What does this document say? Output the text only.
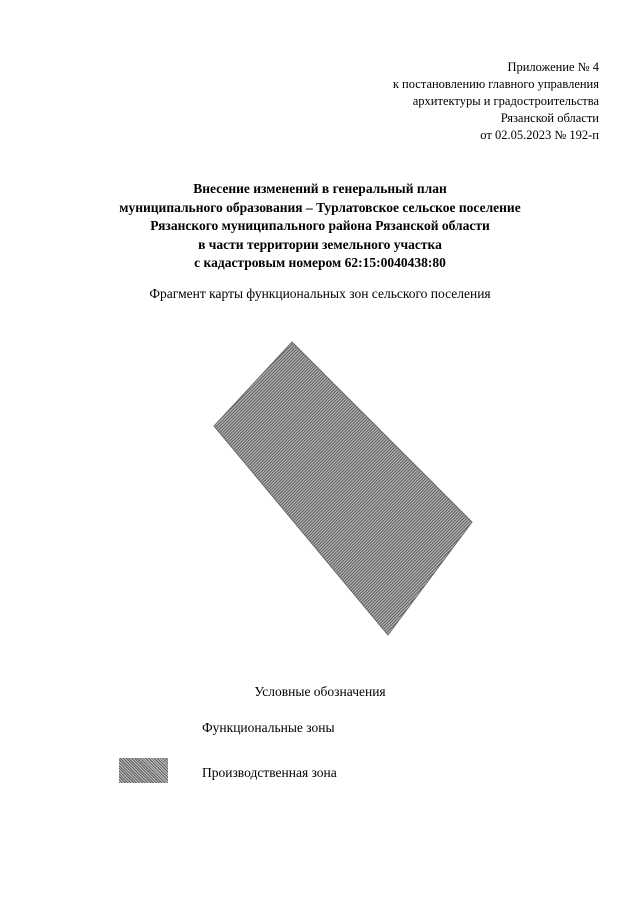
Приложение № 4
к постановлению главного управления
архитектуры и градостроительства
Рязанской области
от 02.05.2023 № 192-п
Внесение изменений в генеральный план
муниципального образования – Турлатовское сельское поселение
Рязанского муниципального района Рязанской области
в части территории земельного участка
с кадастровым номером 62:15:0040438:80
Фрагмент карты функциональных зон сельского поселения
Условные обозначения
Функциональные зоны
Производственная зона
